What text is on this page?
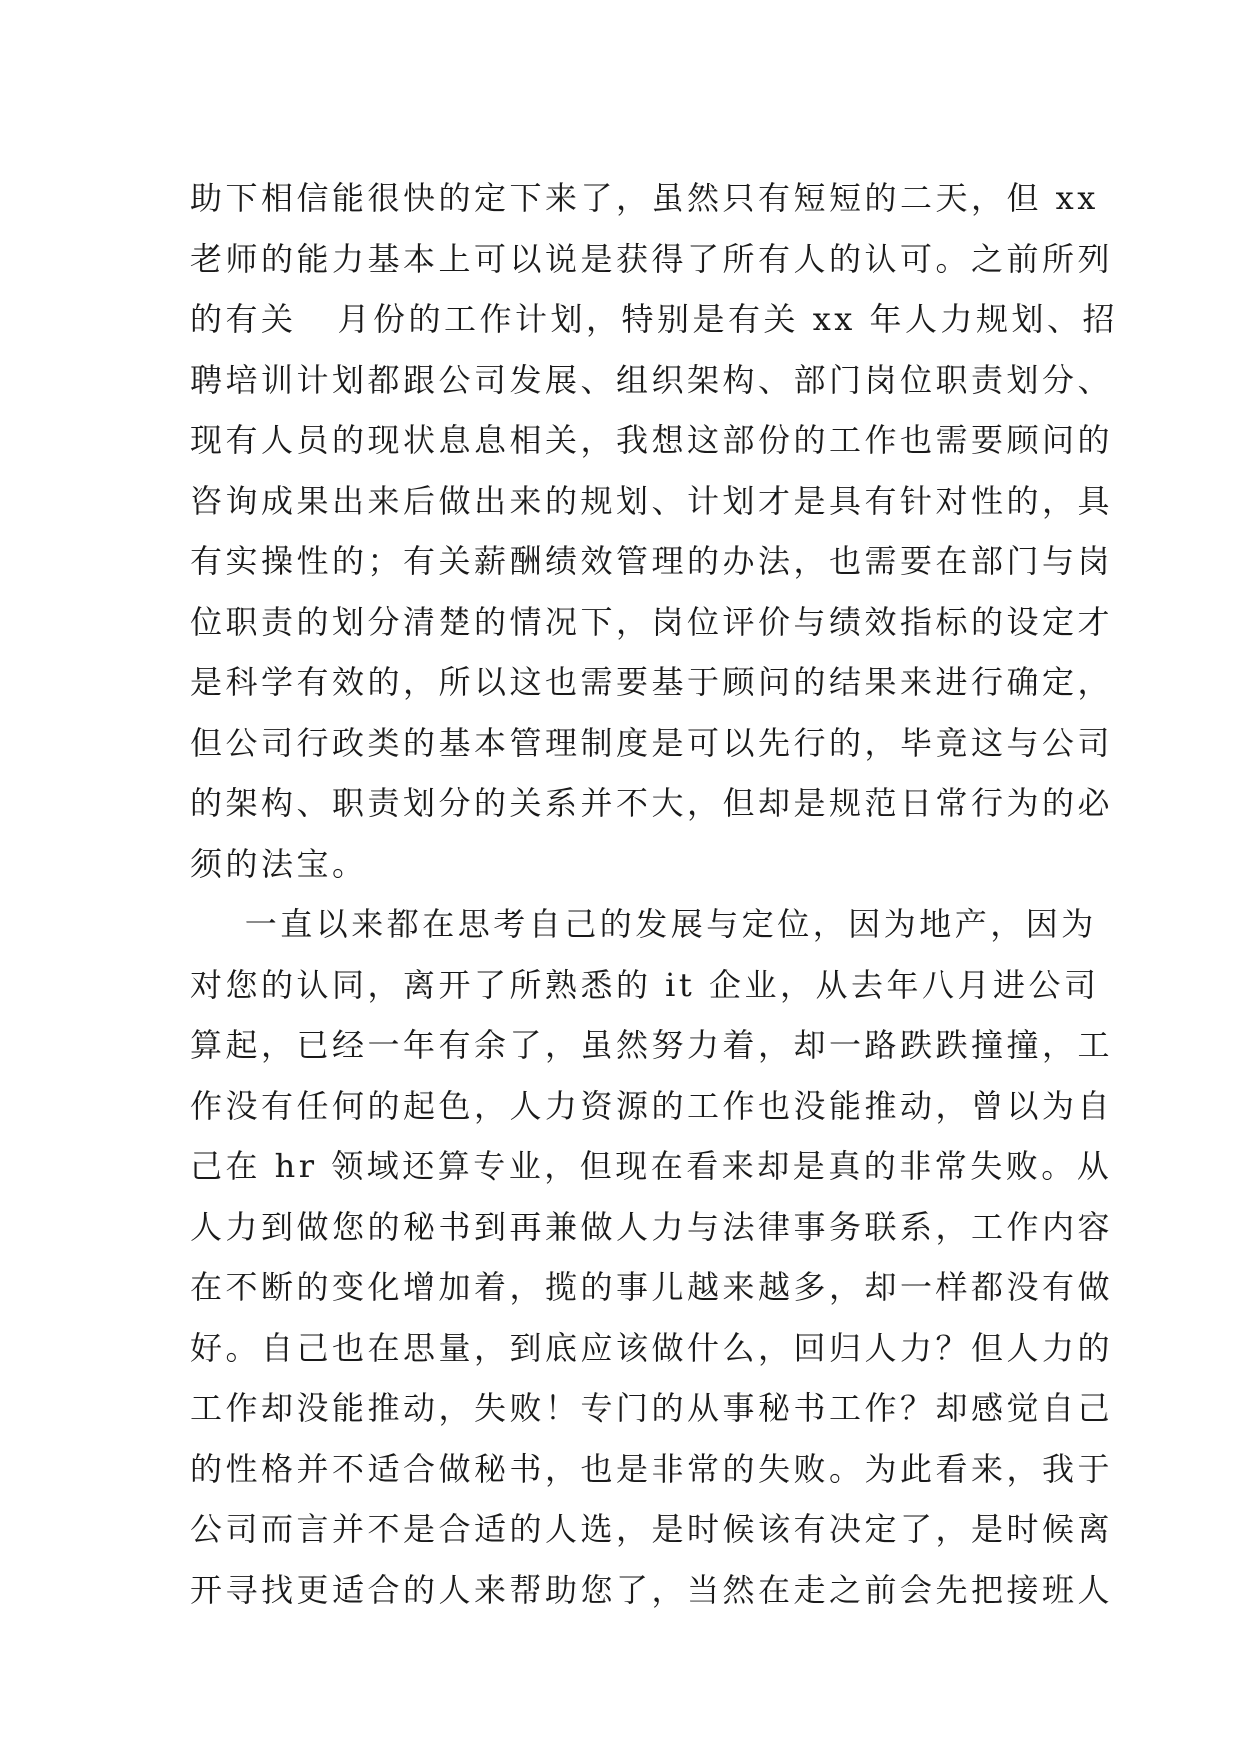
助下相信能很快的定下来了，虽然只有短短的二天，但 xx
老师的能力基本上可以说是获得了所有人的认可。之前所列
的有关   月份的工作计划，特别是有关 xx 年人力规划、招
聘培训计划都跟公司发展、组织架构、部门岗位职责划分、
现有人员的现状息息相关，我想这部份的工作也需要顾问的
咨询成果出来后做出来的规划、计划才是具有针对性的，具
有实操性的；有关薪酬绩效管理的办法，也需要在部门与岗
位职责的划分清楚的情况下，岗位评价与绩效指标的设定才
是科学有效的，所以这也需要基于顾问的结果来进行确定，
但公司行政类的基本管理制度是可以先行的，毕竟这与公司
的架构、职责划分的关系并不大，但却是规范日常行为的必
须的法宝。
一直以来都在思考自己的发展与定位，因为地产，因为
对您的认同，离开了所熟悉的 it 企业，从去年八月进公司
算起，已经一年有余了，虽然努力着，却一路跌跌撞撞，工
作没有任何的起色，人力资源的工作也没能推动，曾以为自
己在 hr 领域还算专业，但现在看来却是真的非常失败。从
人力到做您的秘书到再兼做人力与法律事务联系，工作内容
在不断的变化增加着，揽的事儿越来越多，却一样都没有做
好。自己也在思量，到底应该做什么，回归人力？但人力的
工作却没能推动，失败！专门的从事秘书工作？却感觉自己
的性格并不适合做秘书，也是非常的失败。为此看来，我于
公司而言并不是合适的人选，是时候该有决定了，是时候离
开寻找更适合的人来帮助您了，当然在走之前会先把接班人
